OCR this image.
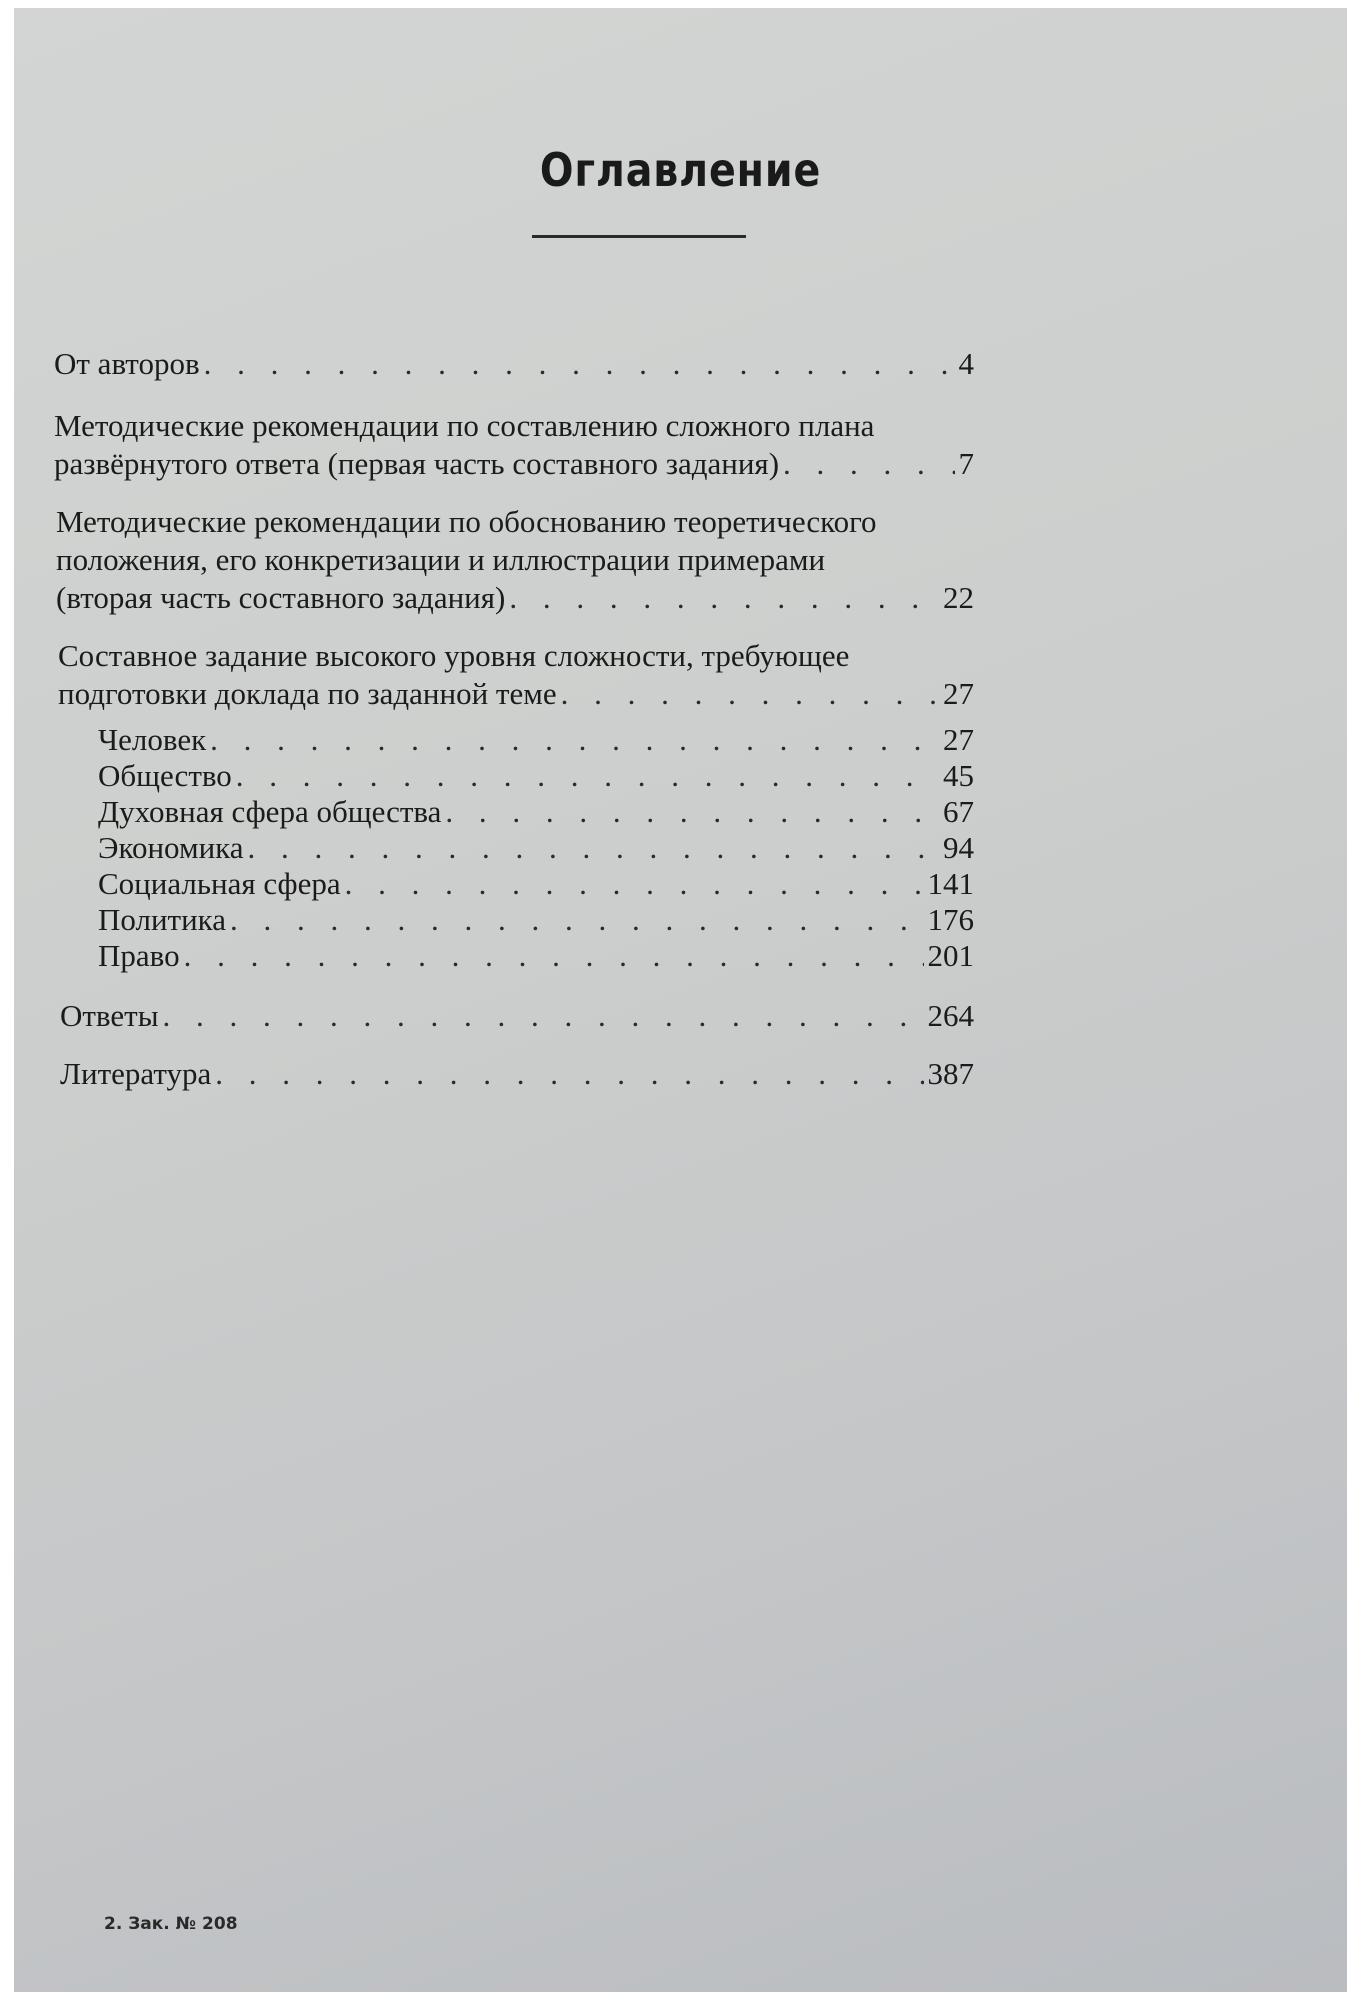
Оглавление
От авторов . . .	4
Методические рекомендации по составлению сложного плана
развёрнутого ответа (первая часть составного задания) . . .	7
Методические рекомендации по обоснованию теоретического
положения, его конкретизации и иллюстрации примерами
(вторая часть составного задания) . . .	22
Составное задание высокого уровня сложности, требующее
подготовки доклада по заданной теме . . .	27
Человек . . .	27
Общество . . .	45
Духовная сфера общества . . .	67
Экономика . . .	94
Социальная сфера . . .	141
Политика . . .	176
Право . . .	201
Ответы . . .	264
Литература . . .	387
2. Зак. № 208
